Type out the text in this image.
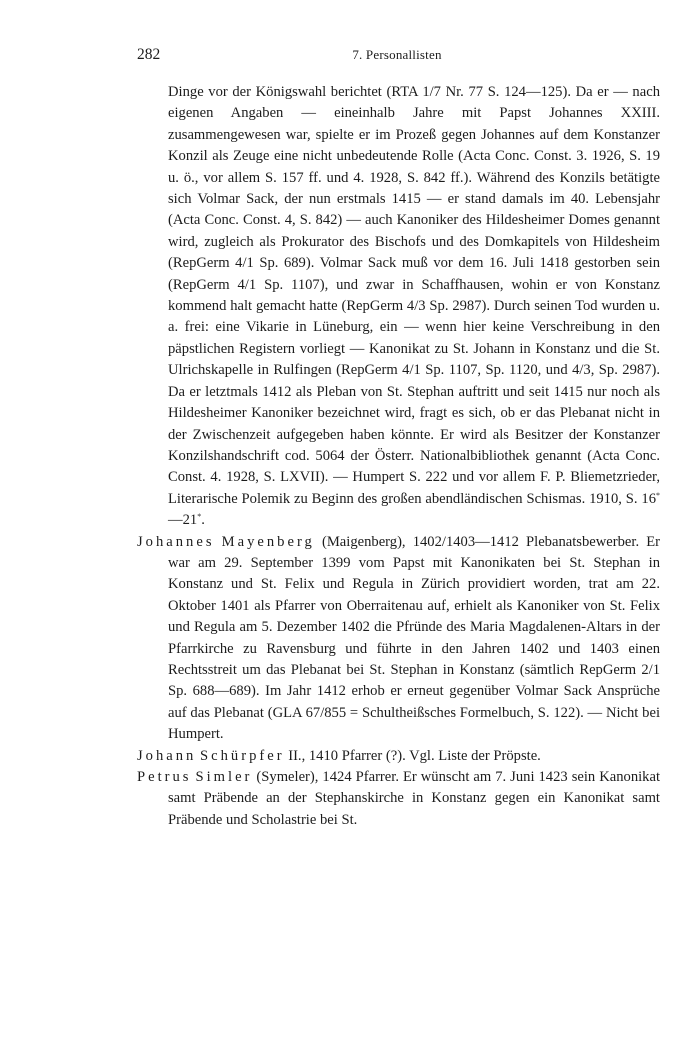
282	7. Personallisten

Dinge vor der Königswahl berichtet (RTA 1/7 Nr. 77 S. 124—125). Da er — nach eigenen Angaben — eineinhalb Jahre mit Papst Johannes XXIII. zusammengewesen war, spielte er im Prozeß gegen Johannes auf dem Konstanzer Konzil als Zeuge eine nicht unbedeutende Rolle (Acta Conc. Const. 3. 1926, S. 19 u. ö., vor allem S. 157 ff. und 4. 1928, S. 842 ff.). Während des Konzils betätigte sich Volmar Sack, der nun erstmals 1415 — er stand damals im 40. Lebensjahr (Acta Conc. Const. 4, S. 842) — auch Kanoniker des Hildesheimer Domes genannt wird, zugleich als Prokurator des Bischofs und des Domkapitels von Hildesheim (RepGerm 4/1 Sp. 689). Volmar Sack muß vor dem 16. Juli 1418 gestorben sein (RepGerm 4/1 Sp. 1107), und zwar in Schaffhausen, wohin er von Konstanz kommend halt gemacht hatte (RepGerm 4/3 Sp. 2987). Durch seinen Tod wurden u. a. frei: eine Vikarie in Lüneburg, ein — wenn hier keine Verschreibung in den päpstlichen Registern vorliegt — Kanonikat zu St. Johann in Konstanz und die St. Ulrichskapelle in Rulfingen (RepGerm 4/1 Sp. 1107, Sp. 1120, und 4/3, Sp. 2987). Da er letztmals 1412 als Pleban von St. Stephan auftritt und seit 1415 nur noch als Hildesheimer Kanoniker bezeichnet wird, fragt es sich, ob er das Plebanat nicht in der Zwischenzeit aufgegeben haben könnte. Er wird als Besitzer der Konstanzer Konzilshandschrift cod. 5064 der Österr. Nationalbibliothek genannt (Acta Conc. Const. 4. 1928, S. LXVII). — Humpert S. 222 und vor allem F. P. Bliemetzrieder, Literarische Polemik zu Beginn des großen abendländischen Schismas. 1910, S. 16*—21*.

Johannes Mayenberg (Maigenberg), 1402/1403—1412 Plebanatsbewerber. Er war am 29. September 1399 vom Papst mit Kanonikaten bei St. Stephan in Konstanz und St. Felix und Regula in Zürich providiert worden, trat am 22. Oktober 1401 als Pfarrer von Oberraitenau auf, erhielt als Kanoniker von St. Felix und Regula am 5. Dezember 1402 die Pfründe des Maria Magdalenen-Altars in der Pfarrkirche zu Ravensburg und führte in den Jahren 1402 und 1403 einen Rechtsstreit um das Plebanat bei St. Stephan in Konstanz (sämtlich RepGerm 2/1 Sp. 688—689). Im Jahr 1412 erhob er erneut gegenüber Volmar Sack Ansprüche auf das Plebanat (GLA 67/855 = Schultheißsches Formelbuch, S. 122). — Nicht bei Humpert.

Johann Schürpfer II., 1410 Pfarrer (?). Vgl. Liste der Pröpste.

Petrus Simler (Symeler), 1424 Pfarrer. Er wünscht am 7. Juni 1423 sein Kanonikat samt Präbende an der Stephanskirche in Konstanz gegen ein Kanonikat samt Präbende und Scholastrie bei St.
